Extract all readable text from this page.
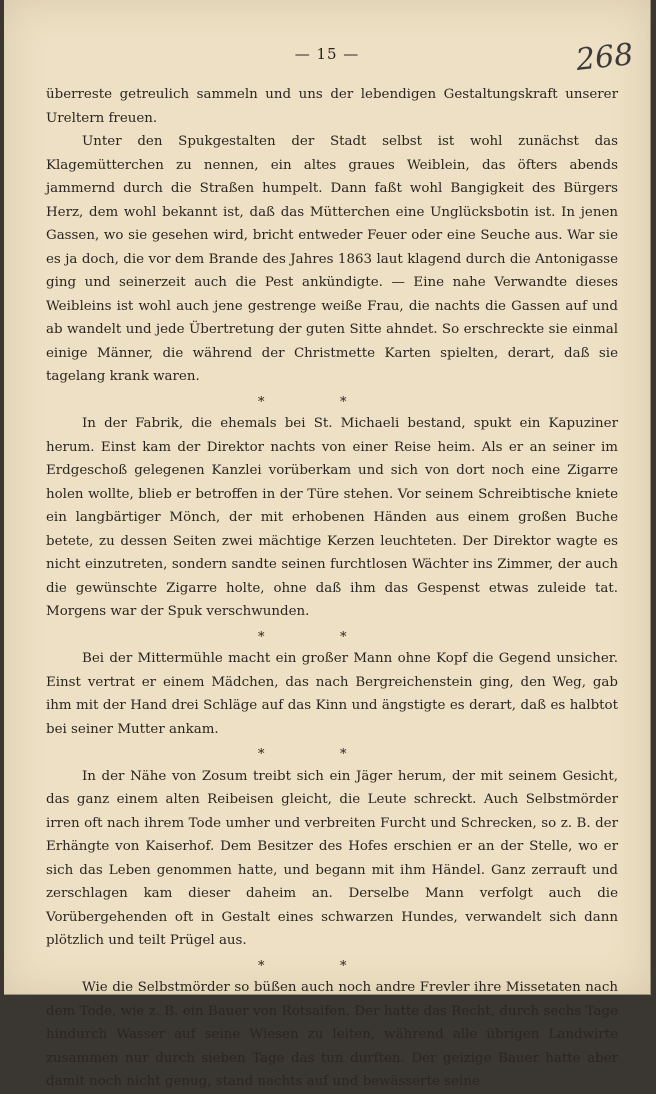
— 15 —	268

überreste getreulich sammeln und uns der lebendigen Gestaltungskraft unserer Ureltern freuen.

Unter den Spukgestalten der Stadt selbst ist wohl zunächst das Klagemütterchen zu nennen, ein altes graues Weiblein, das öfters abends jammernd durch die Straßen humpelt. Dann faßt wohl Bangigkeit des Bürgers Herz, dem wohl bekannt ist, daß das Mütterchen eine Unglücksbotin ist. In jenen Gassen, wo sie gesehen wird, bricht entweder Feuer oder eine Seuche aus. War sie es ja doch, die vor dem Brande des Jahres 1863 laut klagend durch die Antonigasse ging und seinerzeit auch die Pest ankündigte. — Eine nahe Verwandte dieses Weibleins ist wohl auch jene gestrenge weiße Frau, die nachts die Gassen auf und ab wandelt und jede Übertretung der guten Sitte ahndet. So erschreckte sie einmal einige Männer, die während der Christmette Karten spielten, derart, daß sie tagelang krank waren.

*	*

In der Fabrik, die ehemals bei St. Michaeli bestand, spukt ein Kapuziner herum. Einst kam der Direktor nachts von einer Reise heim. Als er an seiner im Erdgeschoß gelegenen Kanzlei vorüberkam und sich von dort noch eine Zigarre holen wollte, blieb er betroffen in der Türe stehen. Vor seinem Schreibtische kniete ein langbärtiger Mönch, der mit erhobenen Händen aus einem großen Buche betete, zu dessen Seiten zwei mächtige Kerzen leuchteten. Der Direktor wagte es nicht einzutreten, sondern sandte seinen furchtlosen Wächter ins Zimmer, der auch die gewünschte Zigarre holte, ohne daß ihm das Gespenst etwas zuleide tat. Morgens war der Spuk verschwunden.

*	*

Bei der Mittermühle macht ein großer Mann ohne Kopf die Gegend unsicher. Einst vertrat er einem Mädchen, das nach Bergreichenstein ging, den Weg, gab ihm mit der Hand drei Schläge auf das Kinn und ängstigte es derart, daß es halbtot bei seiner Mutter ankam.

*	*

In der Nähe von Zosum treibt sich ein Jäger herum, der mit seinem Gesicht, das ganz einem alten Reibeisen gleicht, die Leute schreckt. Auch Selbstmörder irren oft nach ihrem Tode umher und verbreiten Furcht und Schrecken, so z. B. der Erhängte von Kaiserhof. Dem Besitzer des Hofes erschien er an der Stelle, wo er sich das Leben genommen hatte, und begann mit ihm Händel. Ganz zerrauft und zerschlagen kam dieser daheim an. Derselbe Mann verfolgt auch die Vorübergehenden oft in Gestalt eines schwarzen Hundes, verwandelt sich dann plötzlich und teilt Prügel aus.

*	*

Wie die Selbstmörder so büßen auch noch andre Frevler ihre Missetaten nach dem Tode, wie z. B. ein Bauer von Rotsaifen. Der hatte das Recht, durch sechs Tage hindurch Wasser auf seine Wiesen zu leiten, während alle übrigen Landwirte zusammen nur durch sieben Tage das tun durften. Der geizige Bauer hatte aber damit noch nicht genug, stand nachts auf und bewässerte seine
